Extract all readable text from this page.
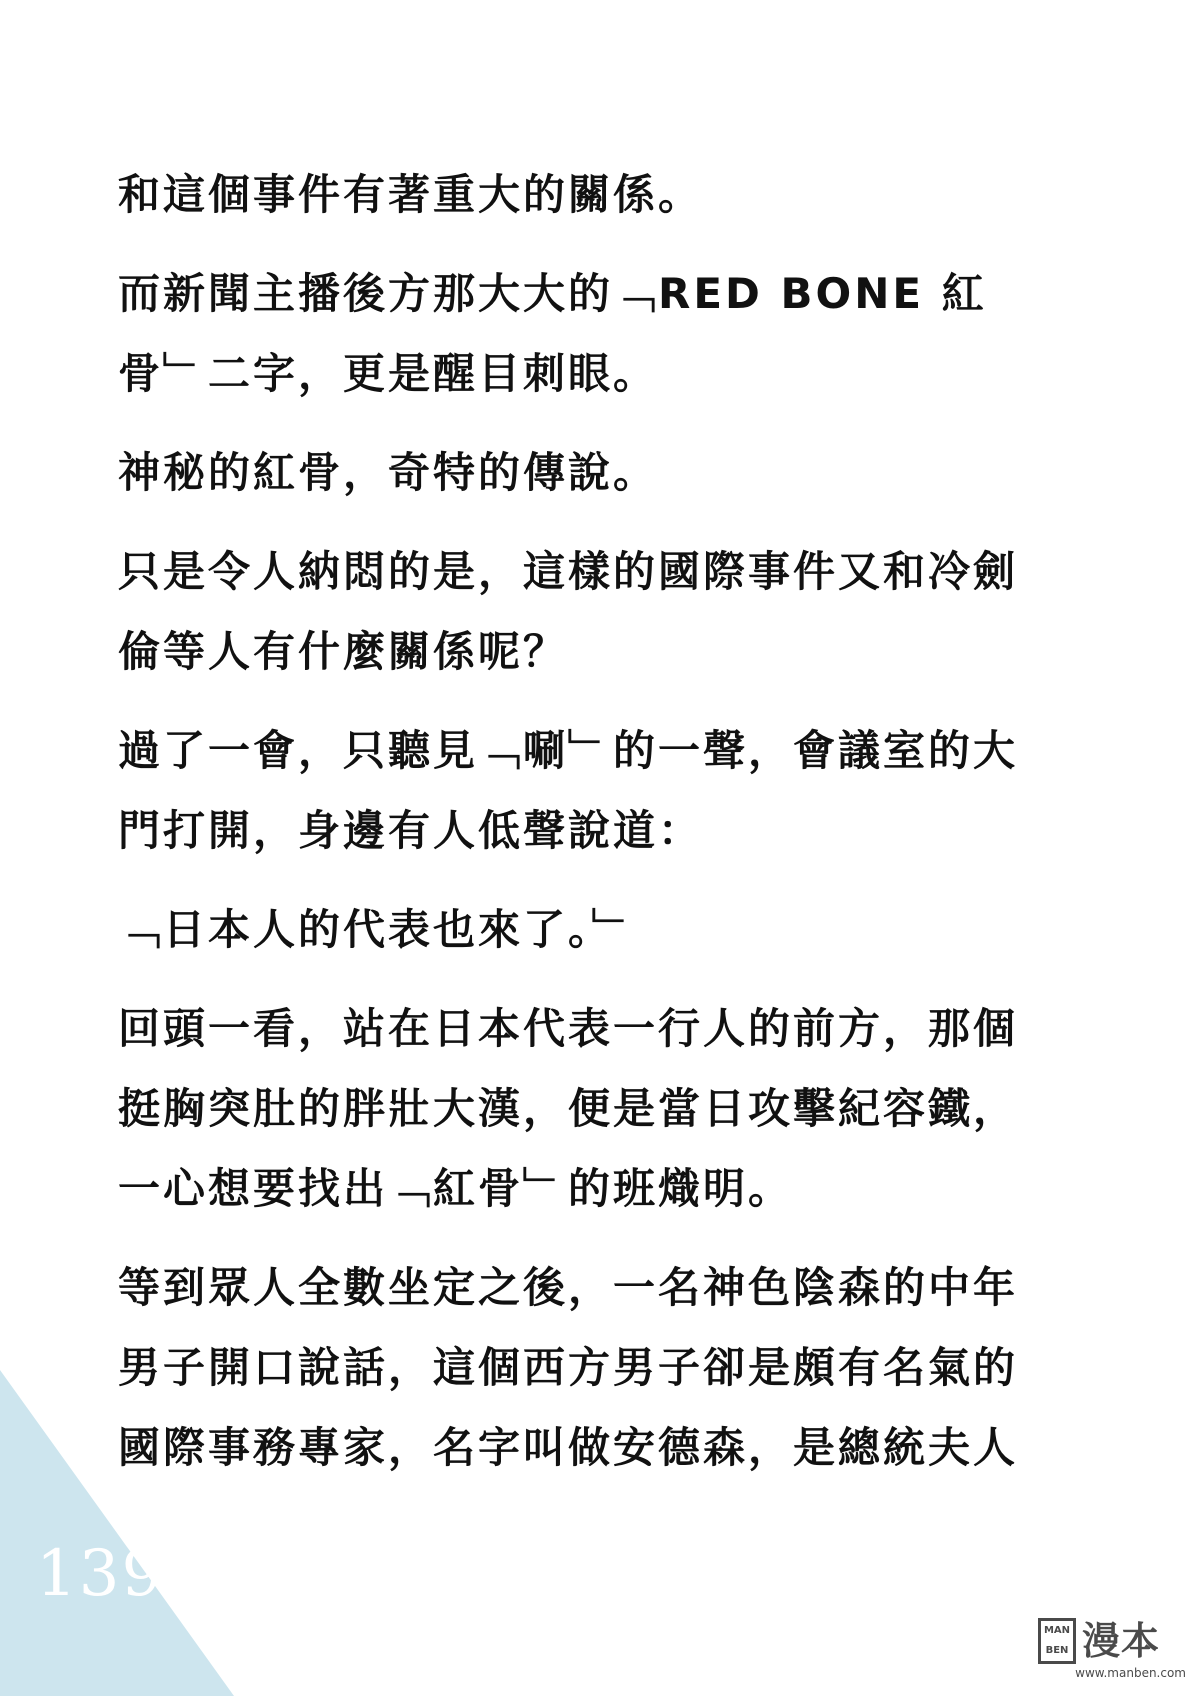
139
和這個事件有著重大的關係。
而新聞主播後方那大大的﹁RED BONE 紅
骨﹂二字，更是醒目刺眼。
神秘的紅骨，奇特的傳說。
只是令人納悶的是，這樣的國際事件又和冷劍
倫等人有什麼關係呢？
過了一會，只聽見﹁唰﹂的一聲，會議室的大
門打開，身邊有人低聲說道：
﹁日本人的代表也來了。﹂
回頭一看，站在日本代表一行人的前方，那個
挺胸突肚的胖壯大漢，便是當日攻擊紀容鐵，
一心想要找出﹁紅骨﹂的班熾明。
等到眾人全數坐定之後，一名神色陰森的中年
男子開口說話，這個西方男子卻是頗有名氣的
國際事務專家，名字叫做安德森，是總統夫人
MAN BEN 漫本
www.manben.com
